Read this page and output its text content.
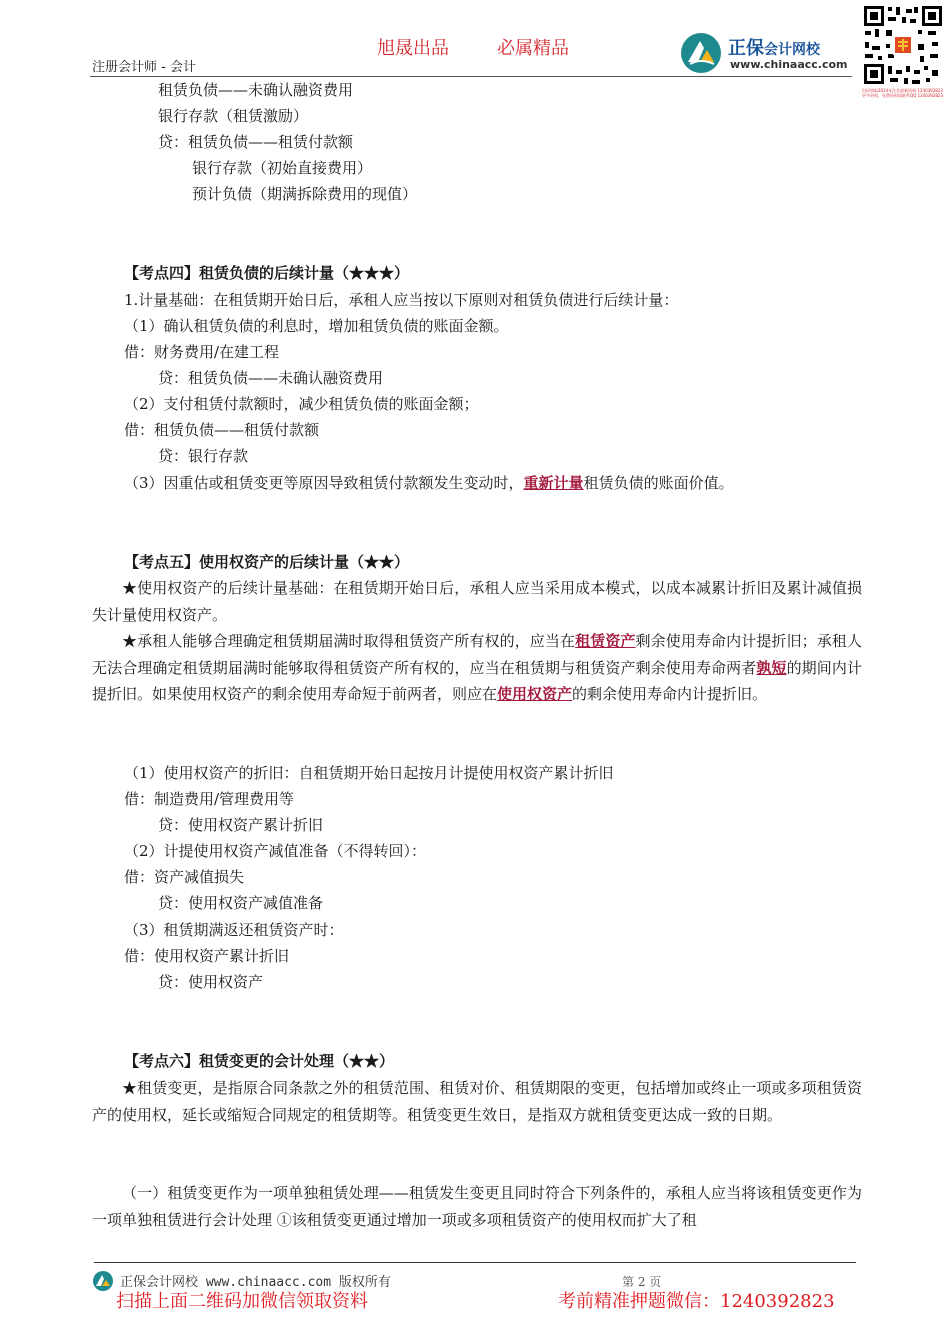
旭晟出品	必属精品
注册会计师 - 会计
正保会计网校
www.chinaacc.com
扫码领取2024年注会最新资料 1240392823 更多资料，免费资料请联系QQ 1240392823
租赁负债——未确认融资费用
银行存款（租赁激励）
贷：租赁负债——租赁付款额
银行存款（初始直接费用）
预计负债（期满拆除费用的现值）
【考点四】租赁负债的后续计量（★★★）
1.计量基础：在租赁期开始日后，承租人应当按以下原则对租赁负债进行后续计量：
（1）确认租赁负债的利息时，增加租赁负债的账面金额。
借：财务费用/在建工程
贷：租赁负债——未确认融资费用
（2）支付租赁付款额时，减少租赁负债的账面金额；
借：租赁负债——租赁付款额
贷：银行存款
（3）因重估或租赁变更等原因导致租赁付款额发生变动时，重新计量租赁负债的账面价值。
【考点五】使用权资产的后续计量（★★）
★使用权资产的后续计量基础：在租赁期开始日后，承租人应当采用成本模式，以成本减累计折旧及累计减值损失计量使用权资产。
★承租人能够合理确定租赁期届满时取得租赁资产所有权的，应当在租赁资产剩余使用寿命内计提折旧；承租人无法合理确定租赁期届满时能够取得租赁资产所有权的，应当在租赁期与租赁资产剩余使用寿命两者孰短的期间内计提折旧。如果使用权资产的剩余使用寿命短于前两者，则应在使用权资产的剩余使用寿命内计提折旧。
（1）使用权资产的折旧：自租赁期开始日起按月计提使用权资产累计折旧
借：制造费用/管理费用等
贷：使用权资产累计折旧
（2）计提使用权资产减值准备（不得转回）：
借：资产减值损失
贷：使用权资产减值准备
（3）租赁期满返还租赁资产时：
借：使用权资产累计折旧
贷：使用权资产
【考点六】租赁变更的会计处理（★★）
★租赁变更，是指原合同条款之外的租赁范围、租赁对价、租赁期限的变更，包括增加或终止一项或多项租赁资产的使用权，延长或缩短合同规定的租赁期等。租赁变更生效日，是指双方就租赁变更达成一致的日期。
（一）租赁变更作为一项单独租赁处理——租赁发生变更且同时符合下列条件的，承租人应当将该租赁变更作为一项单独租赁进行会计处理 ①该租赁变更通过增加一项或多项租赁资产的使用权而扩大了租
正保会计网校 www.chinaacc.com 版权所有	第 2 页
扫描上面二维码加微信领取资料	考前精准押题微信：1240392823
